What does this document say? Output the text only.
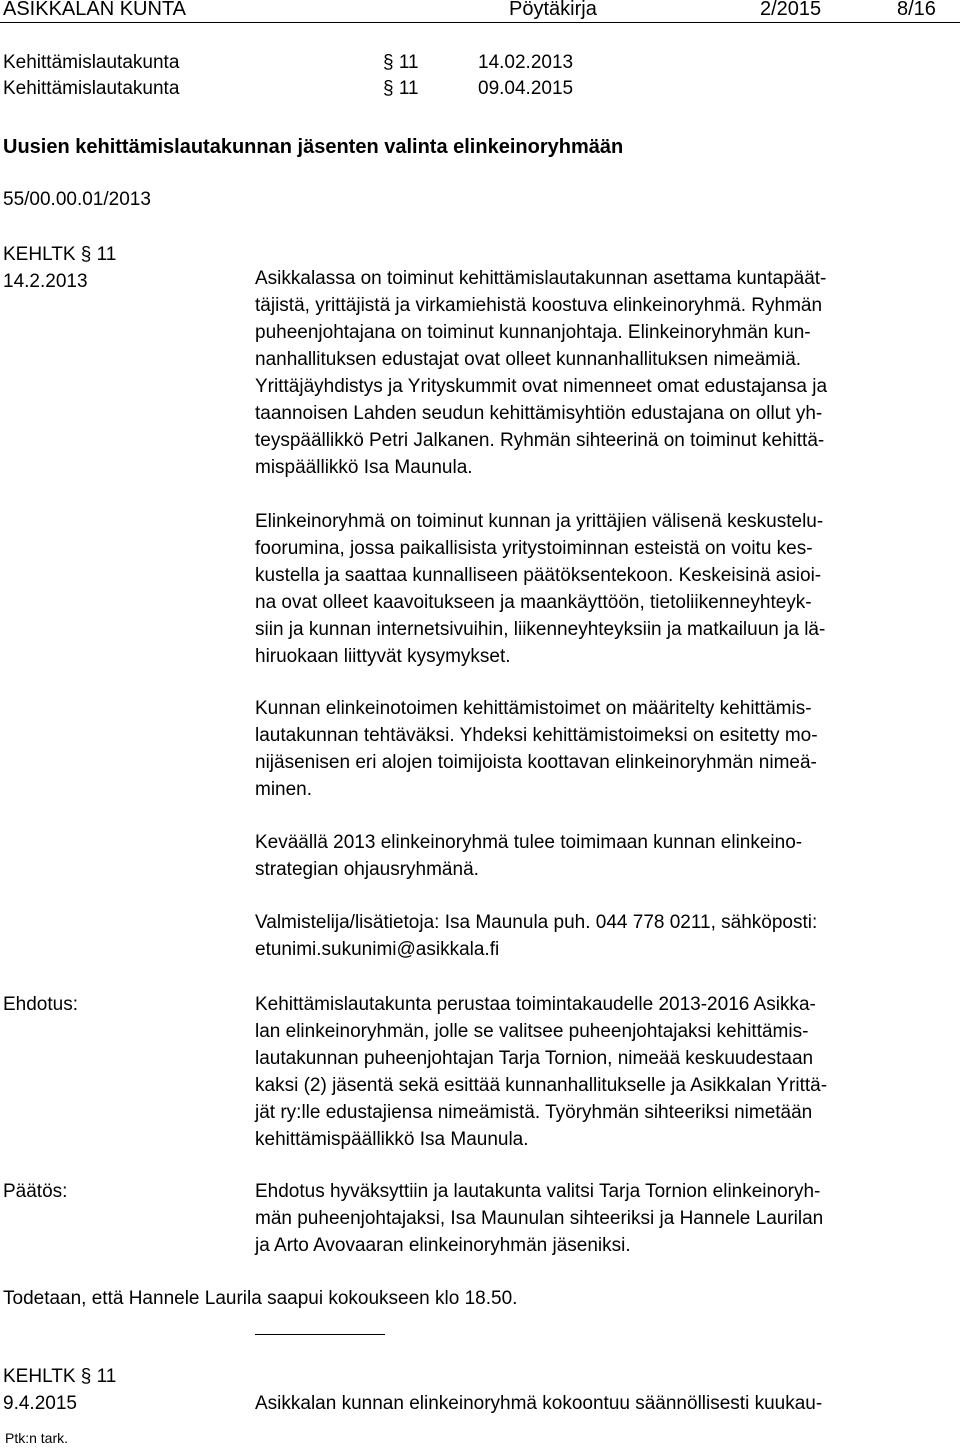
ASIKKALAN KUNTA	Pöytäkirja	2/2015	8/16
Kehittämislautakunta	§ 11	14.02.2013
Kehittämislautakunta	§ 11	09.04.2015
Uusien kehittämislautakunnan jäsenten valinta elinkeinoryhmään
55/00.00.01/2013
KEHLTK § 11
14.2.2013	Asikkalassa on toiminut kehittämislautakunnan asettama kuntapäät-
täjistä, yrittäjistä ja virkamiehistä koostuva elinkeinoryhmä. Ryhmän
puheenjohtajana on toiminut kunnanjohtaja. Elinkeinoryhmän kun-
nanhallituksen edustajat ovat olleet kunnanhallituksen nimeämiä.
Yrittäjäyhdistys ja Yrityskummit ovat nimenneet omat edustajansa ja
taannoisen Lahden seudun kehittämisyhtiön edustajana on ollut yh-
teyspäällikkö Petri Jalkanen. Ryhmän sihteerinä on toiminut kehittä-
mispäällikkö Isa Maunula.
Elinkeinoryhmä on toiminut kunnan ja yrittäjien välisenä keskustelu-
foorumina, jossa paikallisista yritystoiminnan esteistä on voitu kes-
kustella ja saattaa kunnalliseen päätöksentekoon. Keskeisinä asioi-
na ovat olleet kaavoitukseen ja maankäyttöön, tietoliikenneyhteyk-
siin ja kunnan internetsivuihin, liikenneyhteyksiin ja matkailuun ja lä-
hiruokaan liittyvät kysymykset.
Kunnan elinkeinotoimen kehittämistoimet on määritelty kehittämis-
lautakunnan tehtäväksi. Yhdeksi kehittämistoimeksi on esitetty mo-
nijäsenisen eri alojen toimijoista koottavan elinkeinoryhmän nimeä-
minen.
Keväällä 2013 elinkeinoryhmä tulee toimimaan kunnan elinkeino-
strategian ohjausryhmänä.
Valmistelija/lisätietoja: Isa Maunula puh. 044 778 0211, sähköposti:
etunimi.sukunimi@asikkala.fi
Ehdotus:	Kehittämislautakunta perustaa toimintakaudelle 2013-2016 Asikka-
lan elinkeinoryhmän, jolle se valitsee puheenjohtajaksi kehittämis-
lautakunnan puheenjohtajan Tarja Tornion, nimeää keskuudestaan
kaksi (2) jäsentä sekä esittää kunnanhallitukselle ja Asikkalan Yrittä-
jät ry:lle edustajiensa nimeämistä. Työryhmän sihteeriksi nimetään
kehittämispäällikkö Isa Maunula.
Päätös:	Ehdotus hyväksyttiin ja lautakunta valitsi Tarja Tornion elinkeinoryh-
män puheenjohtajaksi, Isa Maunulan sihteeriksi ja Hannele Laurilan
ja Arto Avovaaran elinkeinoryhmän jäseniksi.
Todetaan, että Hannele Laurila saapui kokoukseen klo 18.50.
KEHLTK § 11
9.4.2015	Asikkalan kunnan elinkeinoryhmä kokoontuu säännöllisesti kuukau-
Ptk:n tark.
